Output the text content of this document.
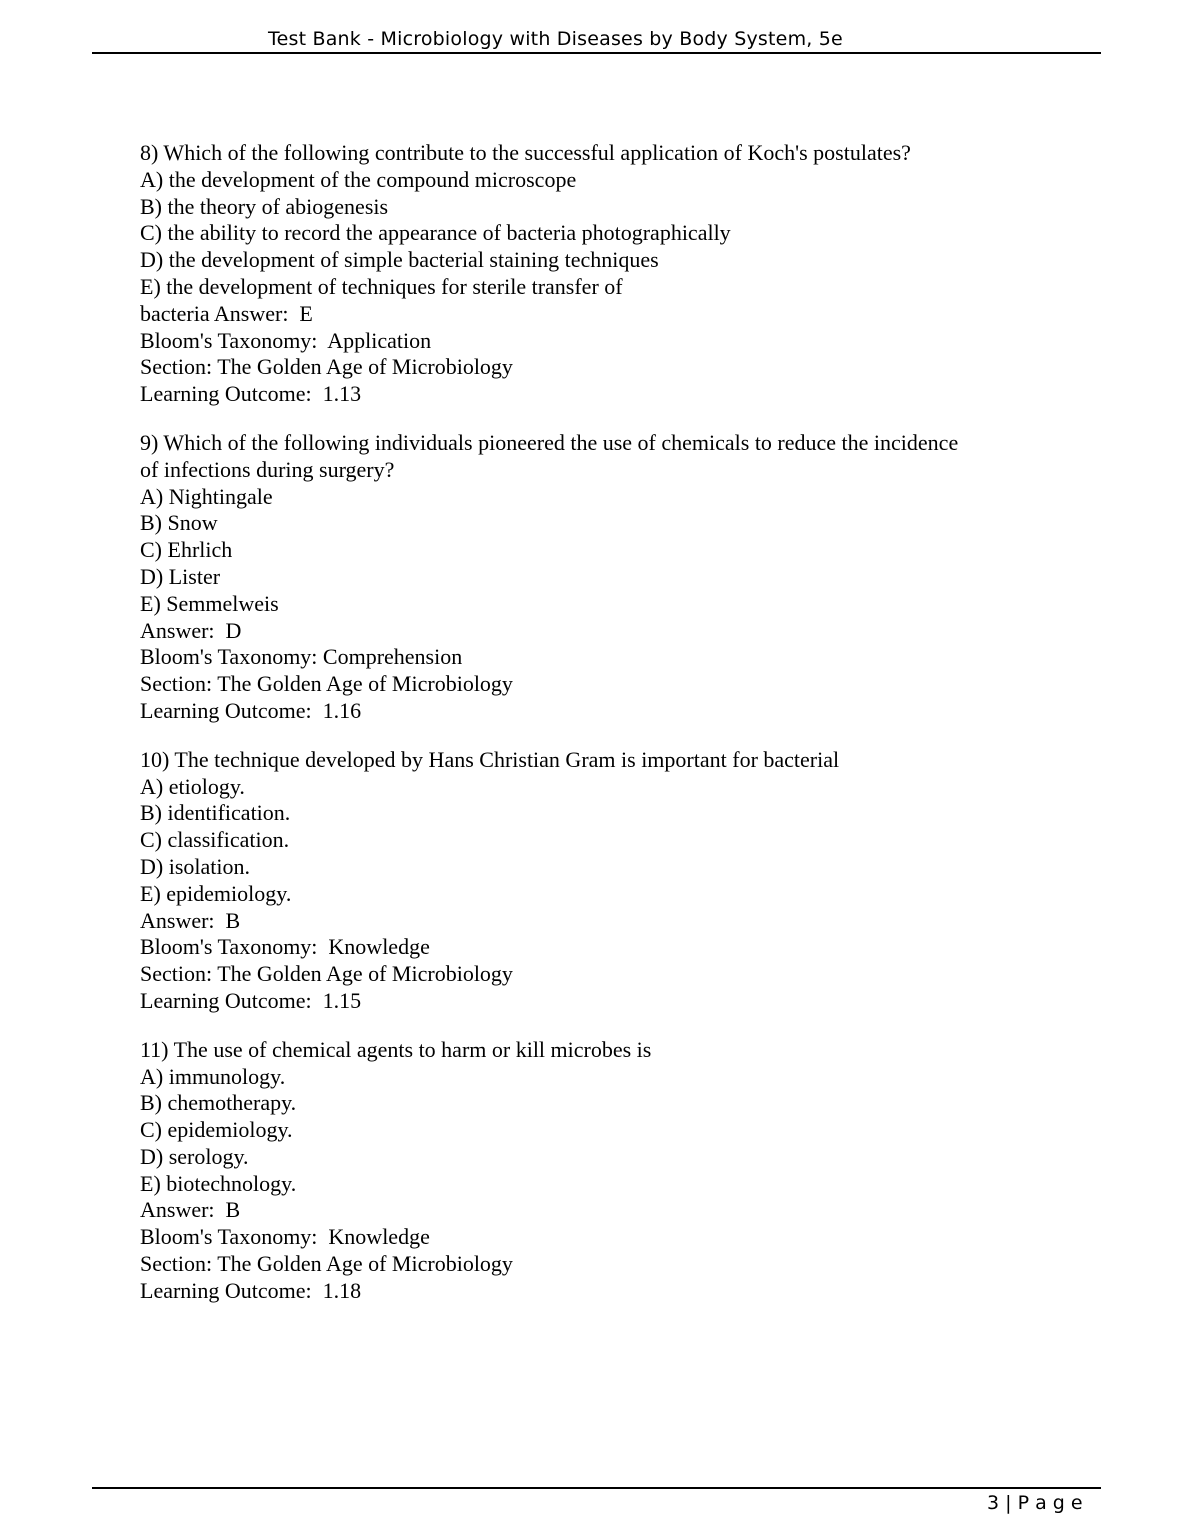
Test Bank - Microbiology with Diseases by Body System, 5e
8) Which of the following contribute to the successful application of Koch's postulates?
A) the development of the compound microscope
B) the theory of abiogenesis
C) the ability to record the appearance of bacteria photographically
D) the development of simple bacterial staining techniques
E) the development of techniques for sterile transfer of
bacteria Answer:  E
Bloom's Taxonomy:  Application
Section: The Golden Age of Microbiology
Learning Outcome:  1.13
9) Which of the following individuals pioneered the use of chemicals to reduce the incidence
of infections during surgery?
A) Nightingale
B) Snow
C) Ehrlich
D) Lister
E) Semmelweis
Answer:  D
Bloom's Taxonomy: Comprehension
Section: The Golden Age of Microbiology
Learning Outcome:  1.16
10) The technique developed by Hans Christian Gram is important for bacterial
A) etiology.
B) identification.
C) classification.
D) isolation.
E) epidemiology.
Answer:  B
Bloom's Taxonomy:  Knowledge
Section: The Golden Age of Microbiology
Learning Outcome:  1.15
11) The use of chemical agents to harm or kill microbes is
A) immunology.
B) chemotherapy.
C) epidemiology.
D) serology.
E) biotechnology.
Answer:  B
Bloom's Taxonomy:  Knowledge
Section: The Golden Age of Microbiology
Learning Outcome:  1.18
3 | P a g e
